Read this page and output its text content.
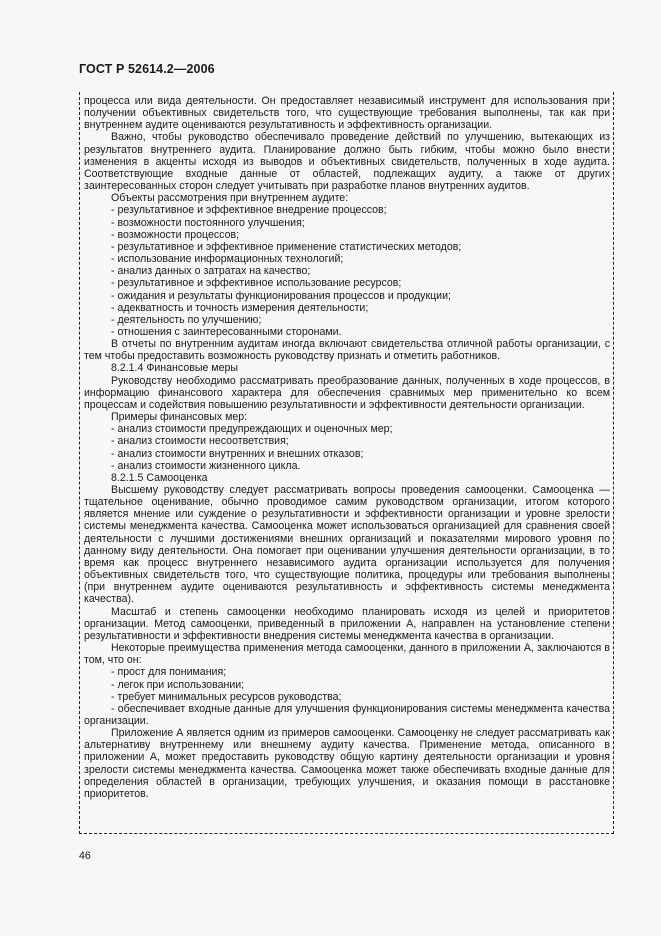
ГОСТ Р 52614.2—2006

процесса или вида деятельности. Он предоставляет независимый инструмент для использования при получении объективных свидетельств того, что существующие требования выполнены, так как при внутреннем аудите оцениваются результативность и эффективность организации.

Важно, чтобы руководство обеспечивало проведение действий по улучшению, вытекающих из результатов внутреннего аудита. Планирование должно быть гибким, чтобы можно было внести изменения в акценты исходя из выводов и объективных свидетельств, полученных в ходе аудита. Соответствующие входные данные от областей, подлежащих аудиту, а также от других заинтересованных сторон следует учитывать при разработке планов внутренних аудитов.

Объекты рассмотрения при внутреннем аудите:

- результативное и эффективное внедрение процессов;

- возможности постоянного улучшения;

- возможности процессов;

- результативное и эффективное применение статистических методов;

- использование информационных технологий;

- анализ данных о затратах на качество;

- результативное и эффективное использование ресурсов;

- ожидания и результаты функционирования процессов и продукции;

- адекватность и точность измерения деятельности;

- деятельность по улучшению;

- отношения с заинтересованными сторонами.

В отчеты по внутренним аудитам иногда включают свидетельства отличной работы организации, с тем чтобы предоставить возможность руководству признать и отметить работников.

8.2.1.4 Финансовые меры

Руководству необходимо рассматривать преобразование данных, полученных в ходе процессов, в информацию финансового характера для обеспечения сравнимых мер применительно ко всем процессам и содействия повышению результативности и эффективности деятельности организации.

Примеры финансовых мер:

- анализ стоимости предупреждающих и оценочных мер;

- анализ стоимости несоответствия;

- анализ стоимости внутренних и внешних отказов;

- анализ стоимости жизненного цикла.

8.2.1.5 Самооценка

Высшему руководству следует рассматривать вопросы проведения самооценки. Самооценка — тщательное оценивание, обычно проводимое самим руководством организации, итогом которого является мнение или суждение о результативности и эффективности организации и уровне зрелости системы менеджмента качества. Самооценка может использоваться организацией для сравнения своей деятельности с лучшими достижениями внешних организаций и показателями мирового уровня по данному виду деятельности. Она помогает при оценивании улучшения деятельности организации, в то время как процесс внутреннего независимого аудита организации используется для получения объективных свидетельств того, что существующие политика, процедуры или требования выполнены (при внутреннем аудите оцениваются результативность и эффективность системы менеджмента качества).

Масштаб и степень самооценки необходимо планировать исходя из целей и приоритетов организации. Метод самооценки, приведенный в приложении А, направлен на установление степени результативности и эффективности внедрения системы менеджмента качества в организации.

Некоторые преимущества применения метода самооценки, данного в приложении А, заключаются в том, что он:

- прост для понимания;

- легок при использовании;

- требует минимальных ресурсов руководства;

- обеспечивает входные данные для улучшения функционирования системы менеджмента качества организации.

Приложение А является одним из примеров самооценки. Самооценку не следует рассматривать как альтернативу внутреннему или внешнему аудиту качества. Применение метода, описанного в приложении А, может предоставить руководству общую картину деятельности организации и уровня зрелости системы менеджмента качества. Самооценка может также обеспечивать входные данные для определения областей в организации, требующих улучшения, и оказания помощи в расстановке приоритетов.

46
